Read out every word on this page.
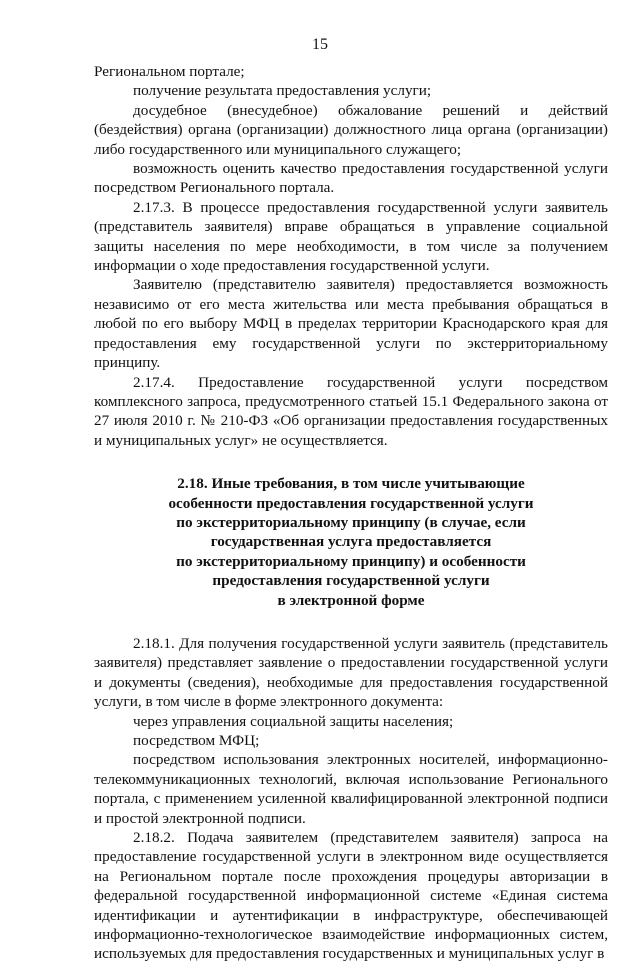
15

Региональном портале;

получение результата предоставления услуги;

досудебное (внесудебное) обжалование решений и действий (бездействия) органа (организации) должностного лица органа (организации) либо государственного или муниципального служащего;

возможность оценить качество предоставления государственной услуги посредством Регионального портала.

2.17.3. В процессе предоставления государственной услуги заявитель (представитель заявителя) вправе обращаться в управление социальной защиты населения по мере необходимости, в том числе за получением информации о ходе предоставления государственной услуги.

Заявителю (представителю заявителя) предоставляется возможность независимо от его места жительства или места пребывания обращаться в любой по его выбору МФЦ в пределах территории Краснодарского края для предоставления ему государственной услуги по экстерриториальному принципу.

2.17.4. Предоставление государственной услуги посредством комплексного запроса, предусмотренного статьей 15.1 Федерального закона от 27 июля 2010 г. № 210-ФЗ «Об организации предоставления государственных и муниципальных услуг» не осуществляется.

2.18. Иные требования, в том числе учитывающие
особенности предоставления государственной услуги
по экстерриториальному принципу (в случае, если
государственная услуга предоставляется
по экстерриториальному принципу) и особенности
предоставления государственной услуги
в электронной форме

2.18.1. Для получения государственной услуги заявитель (представитель заявителя) представляет заявление о предоставлении государственной услуги и документы (сведения), необходимые для предоставления государственной услуги, в том числе в форме электронного документа:

через управления социальной защиты населения;

посредством МФЦ;

посредством использования электронных носителей, информационно-телекоммуникационных технологий, включая использование Регионального портала, с применением усиленной квалифицированной электронной подписи и простой электронной подписи.

2.18.2. Подача заявителем (представителем заявителя) запроса на предоставление государственной услуги в электронном виде осуществляется на Региональном портале после прохождения процедуры авторизации в федеральной государственной информационной системе «Единая система идентификации и аутентификации в инфраструктуре, обеспечивающей информационно-технологическое взаимодействие информационных систем, используемых для предоставления государственных и муниципальных услуг в
